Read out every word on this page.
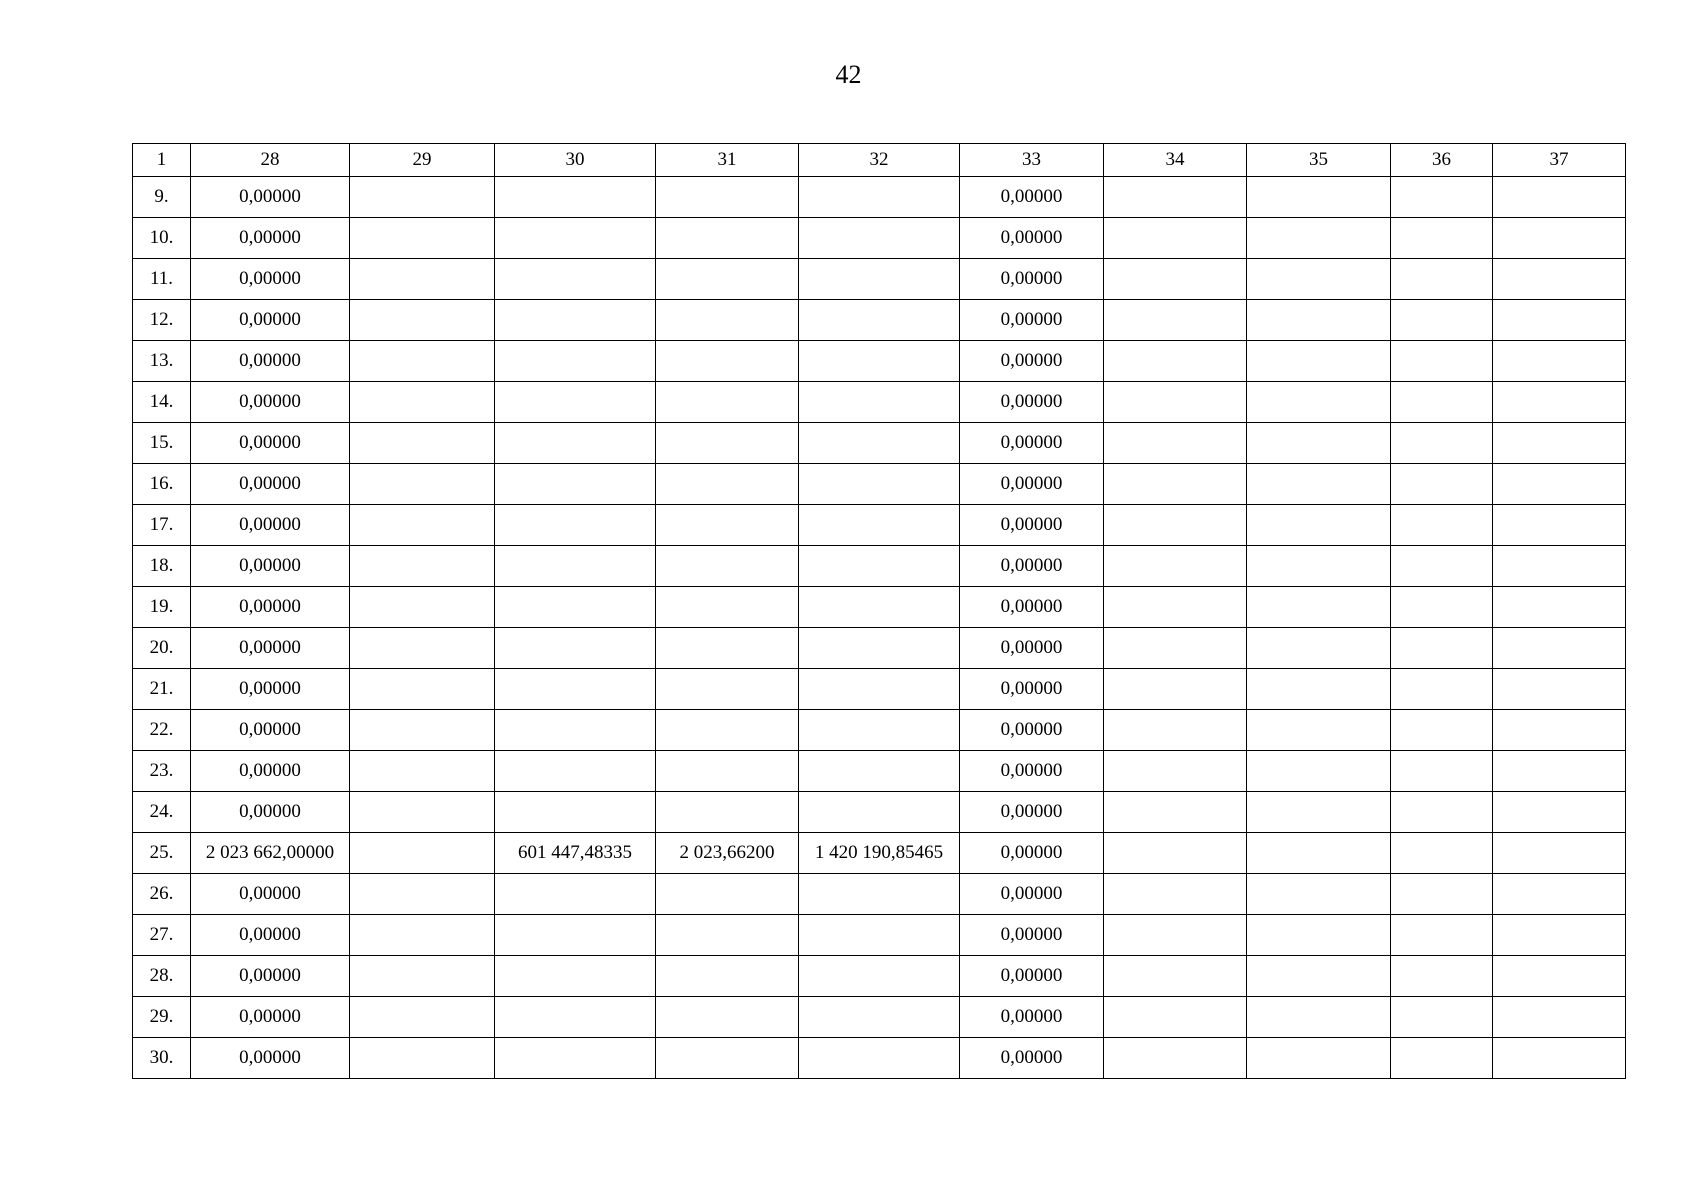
42
1	28	29	30	31	32	33	34	35	36	37
9.	0,00000					0,00000				
10.	0,00000					0,00000				
11.	0,00000					0,00000				
12.	0,00000					0,00000				
13.	0,00000					0,00000				
14.	0,00000					0,00000				
15.	0,00000					0,00000				
16.	0,00000					0,00000				
17.	0,00000					0,00000				
18.	0,00000					0,00000				
19.	0,00000					0,00000				
20.	0,00000					0,00000				
21.	0,00000					0,00000				
22.	0,00000					0,00000				
23.	0,00000					0,00000				
24.	0,00000					0,00000				
25.	2 023 662,00000		601 447,48335	2 023,66200	1 420 190,85465	0,00000				
26.	0,00000					0,00000				
27.	0,00000					0,00000				
28.	0,00000					0,00000				
29.	0,00000					0,00000				
30.	0,00000					0,00000				
